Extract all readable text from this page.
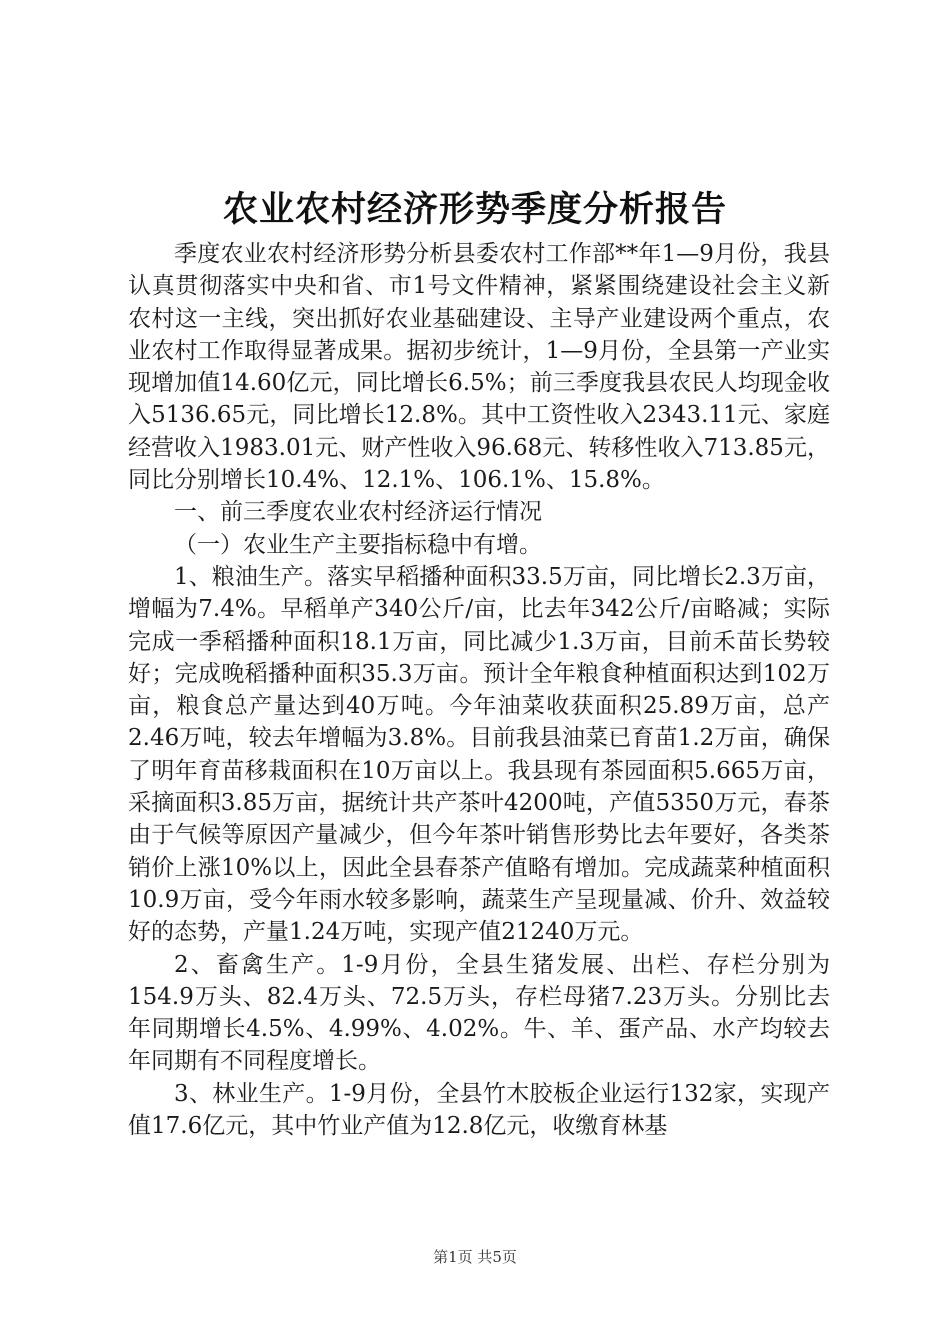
农业农村经济形势季度分析报告

季度农业农村经济形势分析县委农村工作部**年1—9月份，我县认真贯彻落实中央和省、市1号文件精神，紧紧围绕建设社会主义新农村这一主线，突出抓好农业基础建设、主导产业建设两个重点，农业农村工作取得显著成果。据初步统计，1—9月份，全县第一产业实现增加值14.60亿元，同比增长6.5%；前三季度我县农民人均现金收入5136.65元，同比增长12.8%。其中工资性收入2343.11元、家庭经营收入1983.01元、财产性收入96.68元、转移性收入713.85元，同比分别增长10.4%、12.1%、106.1%、15.8%。

一、前三季度农业农村经济运行情况

（一）农业生产主要指标稳中有增。

1、粮油生产。落实早稻播种面积33.5万亩，同比增长2.3万亩，增幅为7.4%。早稻单产340公斤/亩，比去年342公斤/亩略减；实际完成一季稻播种面积18.1万亩，同比减少1.3万亩，目前禾苗长势较好；完成晚稻播种面积35.3万亩。预计全年粮食种植面积达到102万亩，粮食总产量达到40万吨。今年油菜收获面积25.89万亩，总产2.46万吨，较去年增幅为3.8%。目前我县油菜已育苗1.2万亩，确保了明年育苗移栽面积在10万亩以上。我县现有茶园面积5.665万亩，采摘面积3.85万亩，据统计共产茶叶4200吨，产值5350万元，春茶由于气候等原因产量减少，但今年茶叶销售形势比去年要好，各类茶销价上涨10%以上，因此全县春茶产值略有增加。完成蔬菜种植面积10.9万亩，受今年雨水较多影响，蔬菜生产呈现量减、价升、效益较好的态势，产量1.24万吨，实现产值21240万元。

2、畜禽生产。1-9月份，全县生猪发展、出栏、存栏分别为154.9万头、82.4万头、72.5万头，存栏母猪7.23万头。分别比去年同期增长4.5%、4.99%、4.02%。牛、羊、蛋产品、水产均较去年同期有不同程度增长。

3、林业生产。1-9月份，全县竹木胶板企业运行132家，实现产值17.6亿元，其中竹业产值为12.8亿元，收缴育林基

第1页 共5页
